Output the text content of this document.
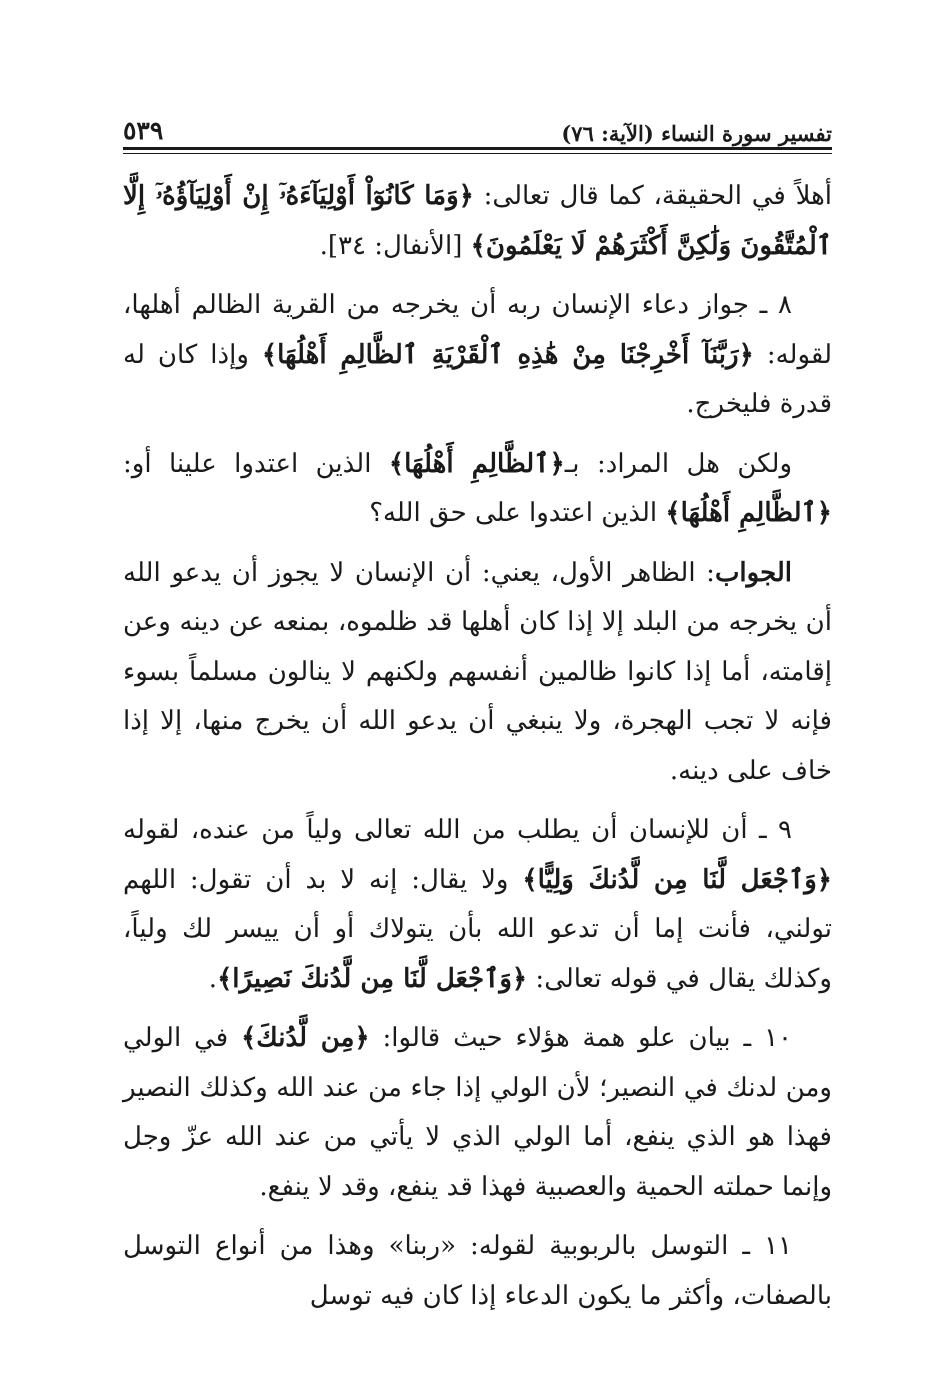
تفسير سورة النساء (الآية: ٧٦)
٥٣٩

أهلاً في الحقيقة، كما قال تعالى: ﴿وَمَا كَانُوٓاْ أَوْلِيَآءَهُۥٓ إِنْ أَوْلِيَآؤُهُۥٓ إِلَّا ٱلْمُتَّقُونَ وَلَٰكِنَّ أَكْثَرَهُمْ لَا يَعْلَمُونَ﴾ [الأنفال: ٣٤].

٨ ـ جواز دعاء الإنسان ربه أن يخرجه من القرية الظالم أهلها، لقوله: ﴿رَبَّنَآ أَخْرِجْنَا مِنْ هَٰذِهِ ٱلْقَرْيَةِ ٱلظَّالِمِ أَهْلُهَا﴾ وإذا كان له قدرة فليخرج.

ولكن هل المراد: بـ﴿ٱلظَّالِمِ أَهْلُهَا﴾ الذين اعتدوا علينا أو: ﴿ٱلظَّالِمِ أَهْلُهَا﴾ الذين اعتدوا على حق الله؟

الجواب: الظاهر الأول، يعني: أن الإنسان لا يجوز أن يدعو الله أن يخرجه من البلد إلا إذا كان أهلها قد ظلموه، بمنعه عن دينه وعن إقامته، أما إذا كانوا ظالمين أنفسهم ولكنهم لا ينالون مسلماً بسوء فإنه لا تجب الهجرة، ولا ينبغي أن يدعو الله أن يخرج منها، إلا إذا خاف على دينه.

٩ ـ أن للإنسان أن يطلب من الله تعالى ولياً من عنده، لقوله ﴿وَٱجْعَل لَّنَا مِن لَّدُنكَ وَلِيًّا﴾ ولا يقال: إنه لا بد أن تقول: اللهم تولني، فأنت إما أن تدعو الله بأن يتولاك أو أن ييسر لك ولياً، وكذلك يقال في قوله تعالى: ﴿وَٱجْعَل لَّنَا مِن لَّدُنكَ نَصِيرًا﴾.

١٠ ـ بيان علو همة هؤلاء حيث قالوا: ﴿مِن لَّدُنكَ﴾ في الولي ومن لدنك في النصير؛ لأن الولي إذا جاء من عند الله وكذلك النصير فهذا هو الذي ينفع، أما الولي الذي لا يأتي من عند الله عزّ وجل وإنما حملته الحمية والعصبية فهذا قد ينفع، وقد لا ينفع.

١١ ـ التوسل بالربوبية لقوله: «ربنا» وهذا من أنواع التوسل بالصفات، وأكثر ما يكون الدعاء إذا كان فيه توسل
